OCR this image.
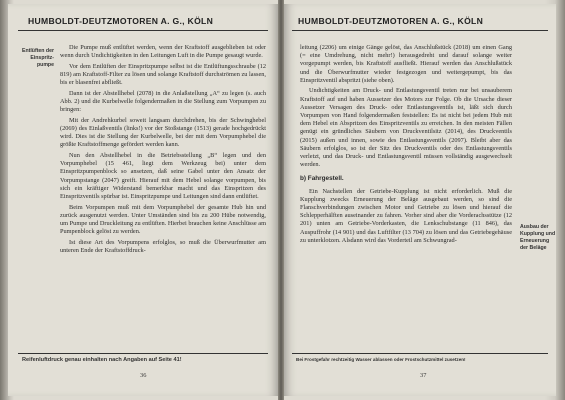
HUMBOLDT-DEUTZMOTOREN A. G., KÖLN
Entlüften der
Einspritz-
pumpe

Die Pumpe muß entlüftet werden, wenn der Kraftstoff ausgeblieben ist oder wenn durch Undichtigkeiten in den Leitungen Luft in die Pumpe gesaugt wurde.

Vor dem Entlüften der Einspritzpumpe selbst ist die Entlüftungsschraube (12 819) am Kraftstoff-Filter zu lösen und solange Kraftstoff durchströmen zu lassen, bis er blasenfrei abfließt.

Dann ist der Abstellhebel (2078) in die Anlaßstellung „A“ zu legen (s. auch Abb. 2) und die Kurbelwelle folgendermaßen in die Stellung zum Vorpumpen zu bringen:

Mit der Andrehkurbel soweit langsam durchdrehen, bis der Schwinghebel (2069) des Einlaßventils (links!) vor der Stoßstange (1513) gerade hochgedrückt wird. Dies ist die Stellung der Kurbelwelle, bei der mit dem Vorpumphebel die größte Kraftstoffmenge gefördert werden kann.

Nun den Abstellhebel in die Betriebsstellung „B“ legen und den Vorpumphebel (15 461, liegt dem Werkzeug bei) unter dem Einspritzpumpenblock so ansetzen, daß seine Gabel unter den Ansatz der Vorpumpstange (2047) greift. Hierauf mit dem Hebel solange vorpumpen, bis sich ein kräftiger Widerstand bemerkbar macht und das Einspritzen des Einspritzventils spürbar ist. Einspritzpumpe und Leitungen sind dann entlüftet.

Beim Vorpumpen muß mit dem Vorpumphebel der gesamte Hub hin und zurück ausgenutzt werden. Unter Umständen sind bis zu 200 Hübe notwendig, um Pumpe und Druckleitung zu entlüften. Hierbei brauchen keine Anschlüsse am Pumpenblock gelöst zu werden.

Ist diese Art des Vorpumpens erfolglos, so muß die Überwurfmutter am unteren Ende der Kraftstoffdruck-

Reifenluftdruck genau einhalten nach Angaben auf Seite 41!
36
HUMBOLDT-DEUTZMOTOREN A. G., KÖLN

leitung (2206) um einige Gänge gelöst, das Anschlußstück (2018) um einen Gang (= eine Umdrehung, nicht mehr!) herausgedreht und darauf solange weiter vorgepumpt werden, bis Kraftstoff ausfließt. Hierauf werden das Anschlußstück und die Überwurfmutter wieder festgezogen und weitergepumpt, bis das Einspritzventil abspritzt (siehe oben).

Undichtigkeiten am Druck- und Entlastungsventil treten nur bei unsauberem Kraftstoff auf und haben Aussetzer des Motors zur Folge. Ob die Ursache dieser Aussetzer Versagen des Druck- oder Entlastungsventils ist, läßt sich durch Vorpumpen von Hand folgendermaßen feststellen: Es ist nicht bei jedem Hub mit dem Hebel ein Abspritzen des Einspritzventils zu erreichen. In den meisten Fällen genügt ein gründliches Säubern von Druckventilsitz (2014), des Druckventils (2015) außen und innen, sowie des Entlastungsventils (2097). Bleibt aber das Säubern erfolglos, so ist der Sitz des Druckventils oder des Entlastungsventils verletzt, und das Druck- und Entlastungsventil müssen vollständig ausgewechselt werden.

b) Fahrgestell.

Ein Nachstellen der Getriebe-Kupplung ist nicht erforderlich. Muß die Kupplung zwecks Erneuerung der Beläge ausgebaut werden, so sind die Flanschverbindungen zwischen Motor und Getriebe zu lösen und hierauf die Schlepperhälften auseinander zu fahren. Vorher sind aber die Vorderachsstütze (12 201) unten am Getriebe-Vorderkasten, die Lenkschubstange (11 846), das Auspuffrohr (14 901) und das Luftfilter (13 704) zu lösen und das Getriebegehäuse zu unterklotzen. Alsdann wird das Vorderteil am Schwungrad-

Ausbau der
Kupplung und
Erneuerung
der Beläge
Bei Frostgefahr rechtzeitig Wasser ablassen oder Frostschutzmittel zusetzen!
37
